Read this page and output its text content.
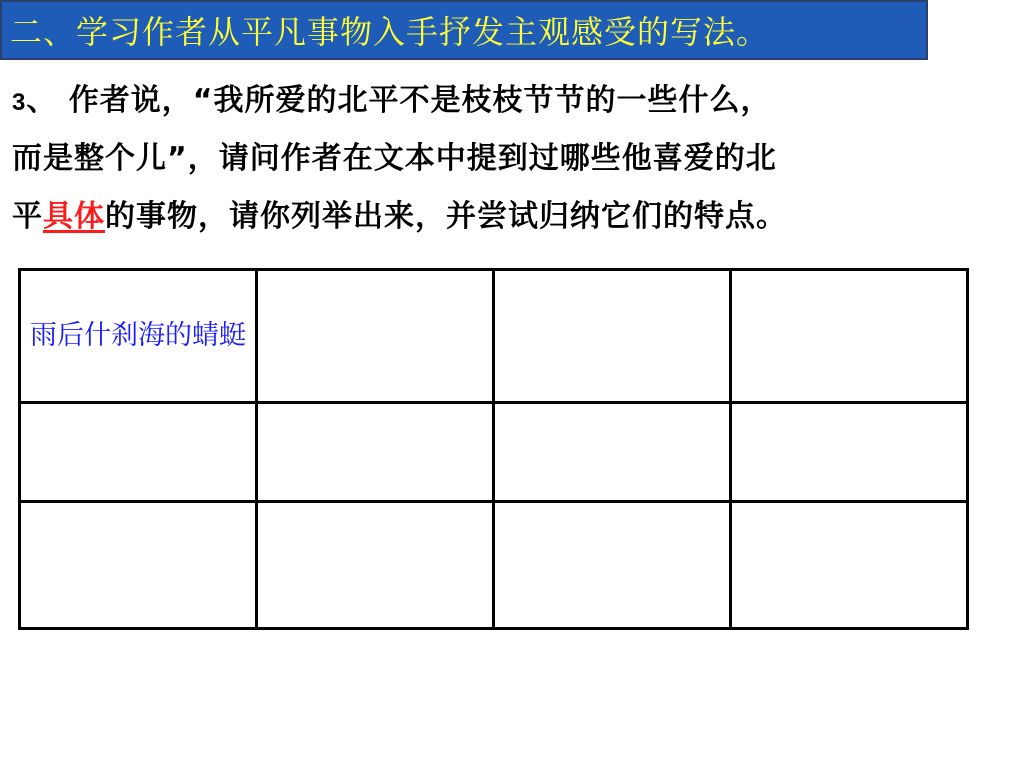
二、学习作者从平凡事物入手抒发主观感受的写法。
3、 作者说，“我所爱的北平不是枝枝节节的一些什么，
而是整个儿”，请问作者在文本中提到过哪些他喜爱的北
平具体的事物，请你列举出来，并尝试归纳它们的特点。
雨后什刹海的蜻蜓			
